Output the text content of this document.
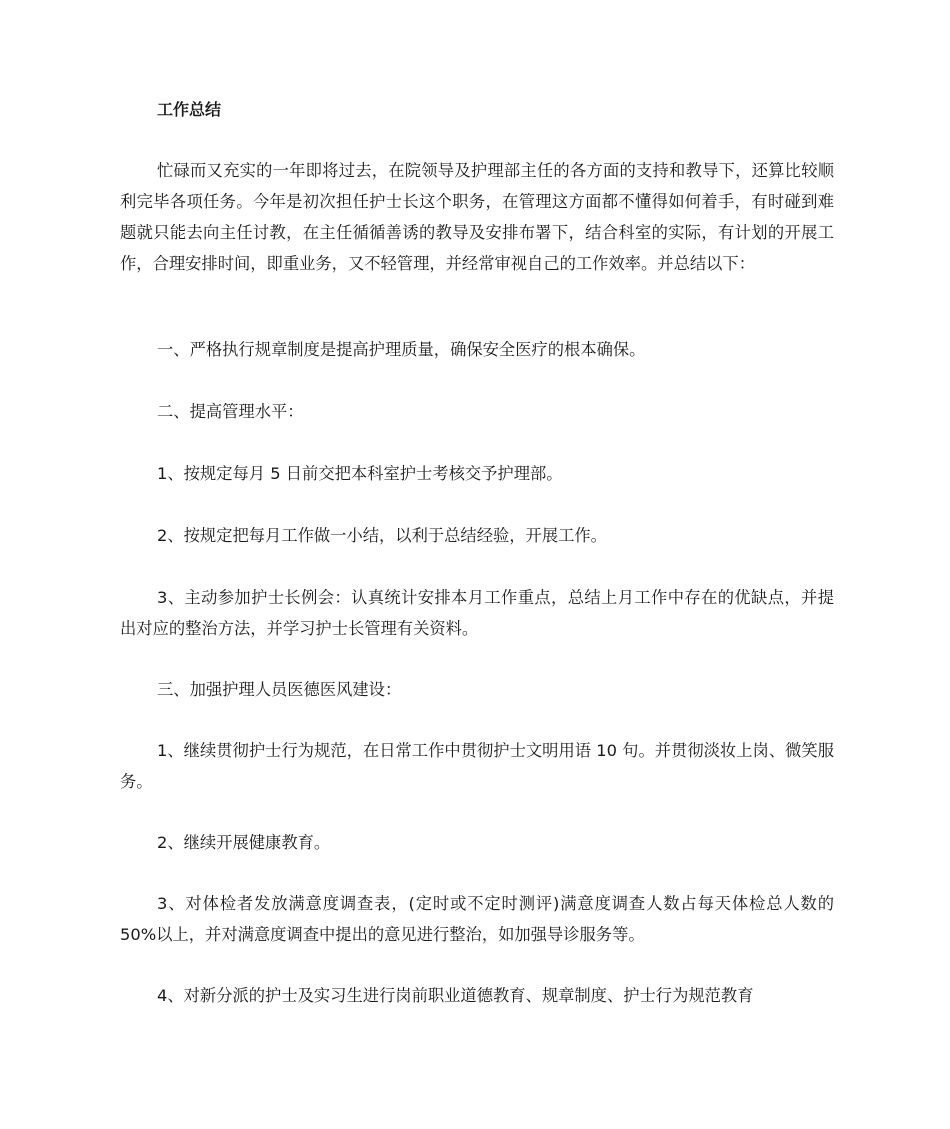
工作总结

忙碌而又充实的一年即将过去，在院领导及护理部主任的各方面的支持和教导下，还算比较顺利完毕各项任务。今年是初次担任护士长这个职务，在管理这方面都不懂得如何着手，有时碰到难题就只能去向主任讨教，在主任循循善诱的教导及安排布署下，结合科室的实际，有计划的开展工作，合理安排时间，即重业务，又不轻管理，并经常审视自己的工作效率。并总结以下：

一、严格执行规章制度是提高护理质量，确保安全医疗的根本确保。

二、提高管理水平：

1、按规定每月 5 日前交把本科室护士考核交予护理部。

2、按规定把每月工作做一小结，以利于总结经验，开展工作。

3、主动参加护士长例会：认真统计安排本月工作重点，总结上月工作中存在的优缺点，并提出对应的整治方法，并学习护士长管理有关资料。

三、加强护理人员医德医风建设：

1、继续贯彻护士行为规范，在日常工作中贯彻护士文明用语 10 句。并贯彻淡妆上岗、微笑服务。

2、继续开展健康教育。

3、对体检者发放满意度调查表，(定时或不定时测评)满意度调查人数占每天体检总人数的 50%以上，并对满意度调查中提出的意见进行整治，如加强导诊服务等。

4、对新分派的护士及实习生进行岗前职业道德教育、规章制度、护士行为规范教育
